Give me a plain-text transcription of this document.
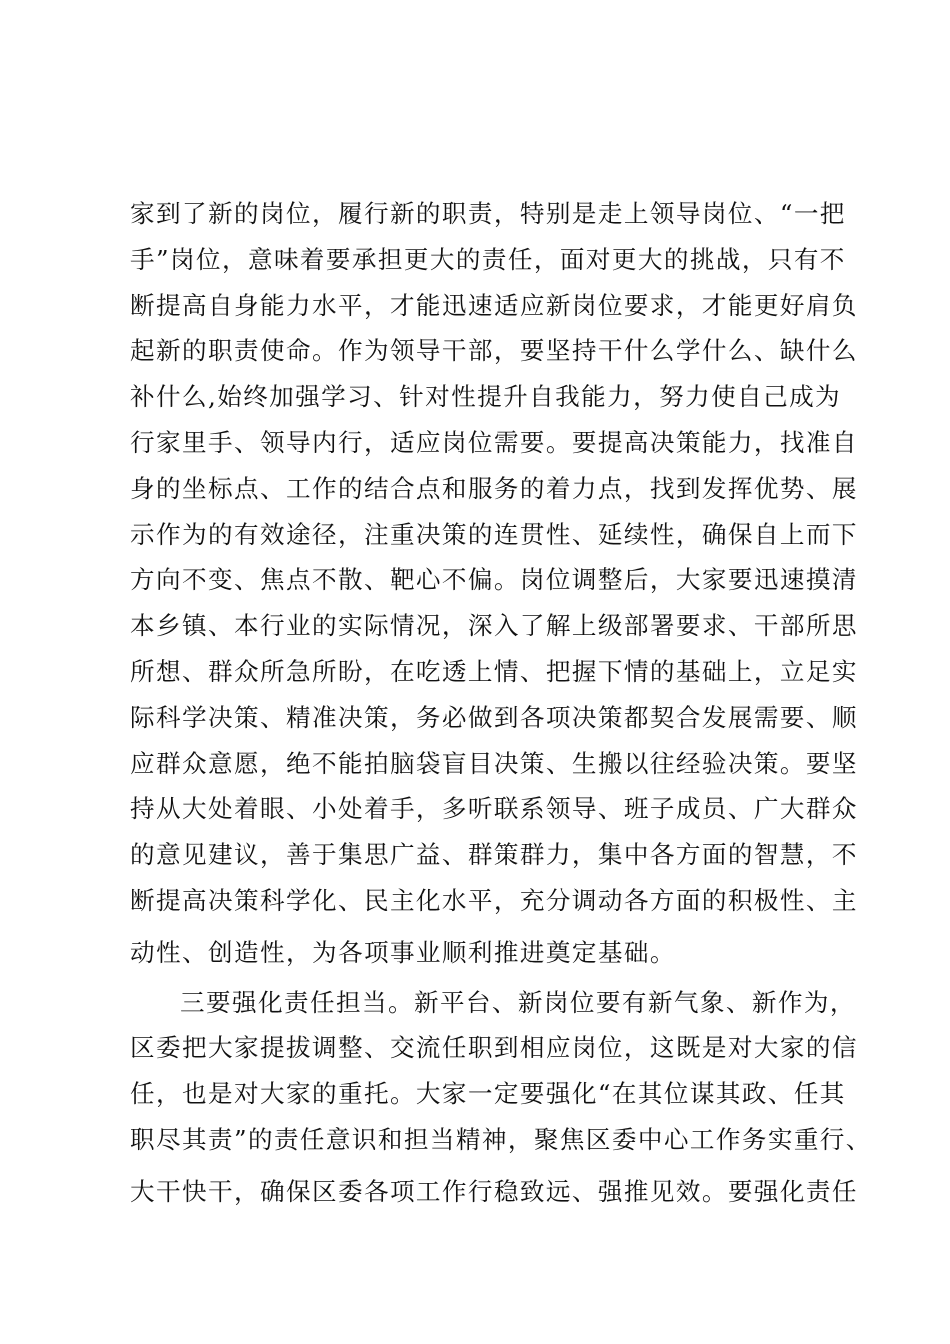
家到了新的岗位，履行新的职责，特别是走上领导岗位、“一把
手”岗位，意味着要承担更大的责任，面对更大的挑战，只有不
断提高自身能力水平，才能迅速适应新岗位要求，才能更好肩负
起新的职责使命。作为领导干部，要坚持干什么学什么、缺什么
补什么,始终加强学习、针对性提升自我能力，努力使自己成为
行家里手、领导内行，适应岗位需要。要提高决策能力，找准自
身的坐标点、工作的结合点和服务的着力点，找到发挥优势、展
示作为的有效途径，注重决策的连贯性、延续性，确保自上而下
方向不变、焦点不散、靶心不偏。岗位调整后，大家要迅速摸清
本乡镇、本行业的实际情况，深入了解上级部署要求、干部所思
所想、群众所急所盼，在吃透上情、把握下情的基础上，立足实
际科学决策、精准决策，务必做到各项决策都契合发展需要、顺
应群众意愿，绝不能拍脑袋盲目决策、生搬以往经验决策。要坚
持从大处着眼、小处着手，多听联系领导、班子成员、广大群众
的意见建议，善于集思广益、群策群力，集中各方面的智慧，不
断提高决策科学化、民主化水平，充分调动各方面的积极性、主
动性、创造性，为各项事业顺利推进奠定基础。
三要强化责任担当。新平台、新岗位要有新气象、新作为，
区委把大家提拔调整、交流任职到相应岗位，这既是对大家的信
任，也是对大家的重托。大家一定要强化“在其位谋其政、任其
职尽其责”的责任意识和担当精神，聚焦区委中心工作务实重行、
大干快干，确保区委各项工作行稳致远、强推见效。要强化责任
